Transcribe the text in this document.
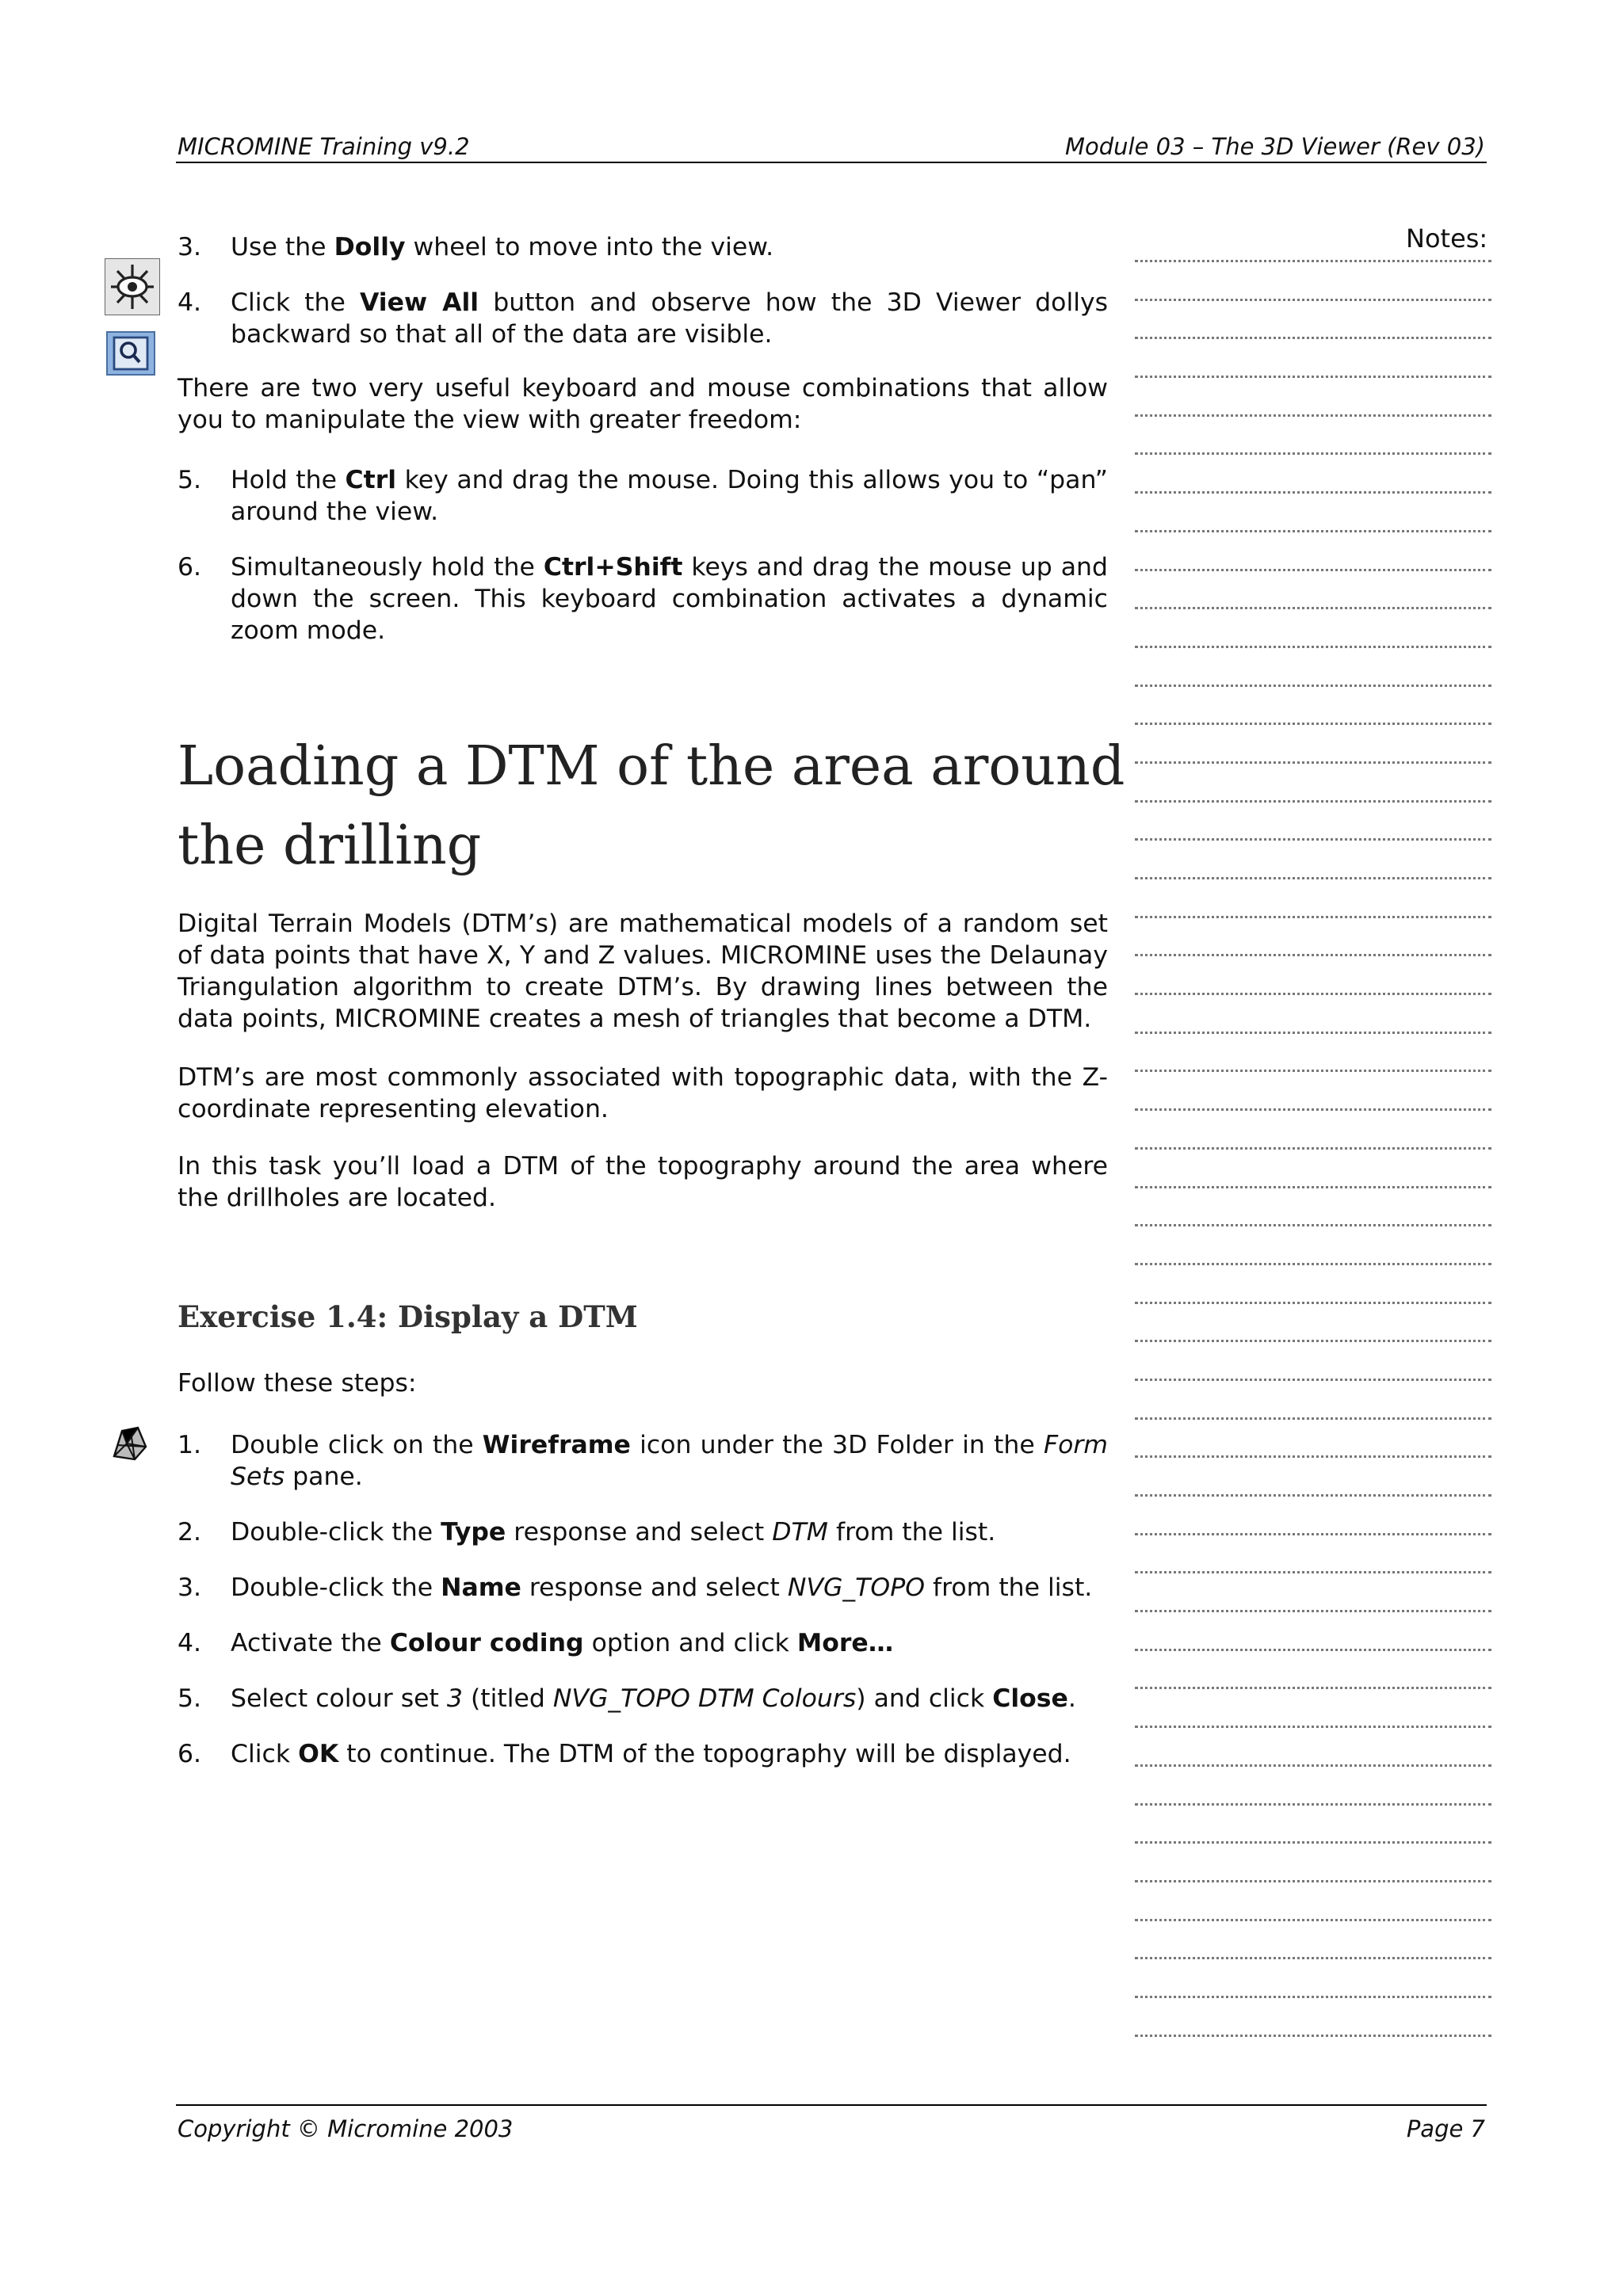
MICROMINE Training v9.2	Module 03 – The 3D Viewer (Rev 03)
Notes:
3. Use the Dolly wheel to move into the view.
4. Click the View All button and observe how the 3D Viewer dollys backward so that all of the data are visible.
There are two very useful keyboard and mouse combinations that allow you to manipulate the view with greater freedom:
5. Hold the Ctrl key and drag the mouse. Doing this allows you to “pan” around the view.
6. Simultaneously hold the Ctrl+Shift keys and drag the mouse up and down the screen. This keyboard combination activates a dynamic zoom mode.
Loading a DTM of the area around the drilling
Digital Terrain Models (DTM’s) are mathematical models of a random set of data points that have X, Y and Z values. MICROMINE uses the Delaunay Triangulation algorithm to create DTM’s. By drawing lines between the data points, MICROMINE creates a mesh of triangles that become a DTM.
DTM’s are most commonly associated with topographic data, with the Z-coordinate representing elevation.
In this task you’ll load a DTM of the topography around the area where the drillholes are located.
Exercise 1.4: Display a DTM
Follow these steps:
1. Double click on the Wireframe icon under the 3D Folder in the Form Sets pane.
2. Double-click the Type response and select DTM from the list.
3. Double-click the Name response and select NVG_TOPO from the list.
4. Activate the Colour coding option and click More…
5. Select colour set 3 (titled NVG_TOPO DTM Colours) and click Close.
6. Click OK to continue. The DTM of the topography will be displayed.
Copyright © Micromine 2003	Page 7
